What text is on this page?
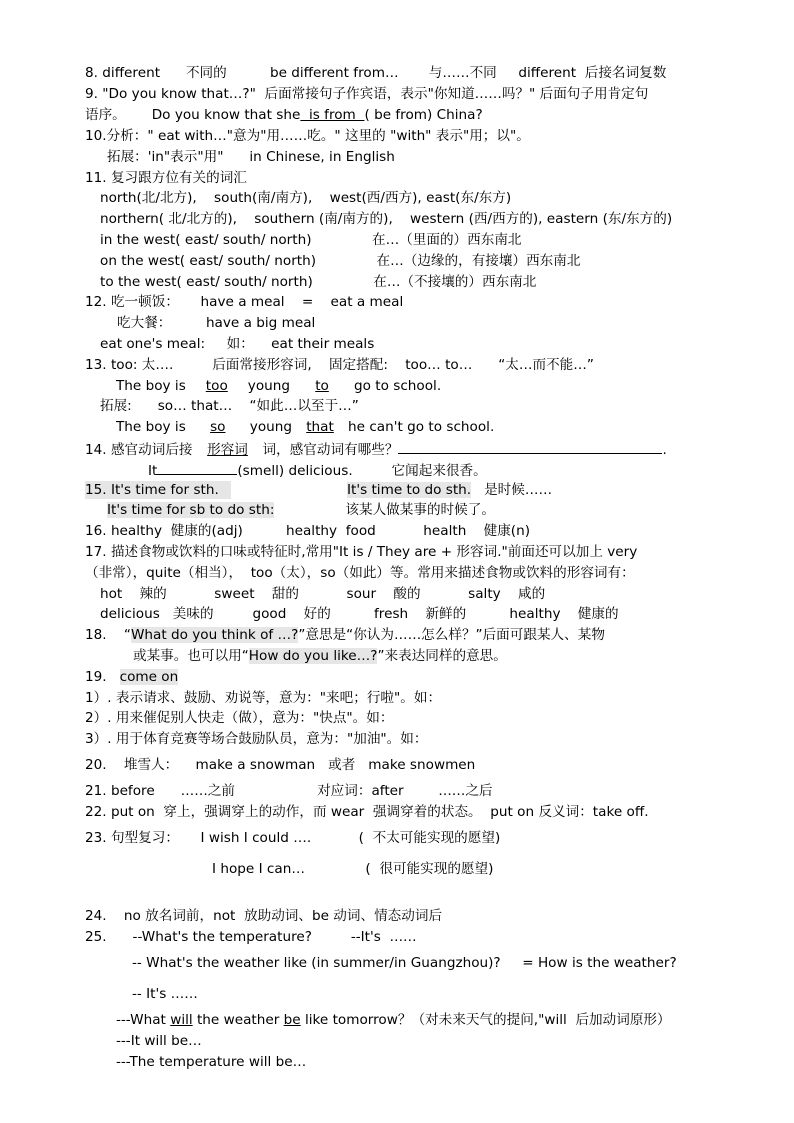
8. different      不同的          be different from…       与……不同     different  后接名词复数
9. "Do you know that…?"  后面常接句子作宾语，表示"你知道……吗？" 后面句子用肯定句
语序。      Do you know that she  is from  ( be from) China?
10.分析：" eat with…"意为"用……吃。" 这里的 "with" 表示"用；以"。
拓展：'in"表示"用"      in Chinese, in English
11. 复习跟方位有关的词汇
north(北/北方),    south(南/南方),    west(西/西方), east(东/东方)
northern( 北/北方的),    southern (南/南方的),    western (西/西方的), eastern (东/东方的)
in the west( east/ south/ north)              在…（里面的）西东南北
on the west( east/ south/ north)              在…（边缘的，有接壤）西东南北
to the west( east/ south/ north)              在…（不接壤的）西东南北
12. 吃一顿饭：     have a meal    =    eat a meal
吃大餐：        have a big meal
eat one's meal:     如：    eat their meals
13. too: 太….         后面常接形容词,    固定搭配:    too… to…      “太…而不能…”
The boy is too young to go to school.
拓展:      so… that…    “如此…以至于…”
The boy is so young that he can't go to school.
14. 感官动词后接 形容词 词，感官动词有哪些？	.
It	(smell) delicious.         它闻起来很香。
15. It's time for sth.	It's time to do sth.   是时候……
It's time for sb to do sth:	该某人做某事的时候了。
16. healthy  健康的(adj)          healthy  food           health    健康(n)
17. 描述食物或饮料的口味或特征时,常用"It is / They are + 形容词."前面还可以加上 very
（非常），quite（相当），  too（太），so（如此）等。常用来描述食物或饮料的形容词有：
hot    辣的           sweet    甜的           sour    酸的           salty    咸的
delicious   美味的         good    好的          fresh    新鲜的          healthy    健康的
18.    “What do you think of …?”意思是“你认为……怎么样？”后面可跟某人、某物
或某事。也可以用“How do you like…?”来表达同样的意思。
19.   come on
1）. 表示请求、鼓励、劝说等，意为："来吧；行啦"。如：
2）. 用来催促别人快走（做），意为："快点"。如：
3）. 用于体育竞赛等场合鼓励队员，意为："加油"。如：
20.    堆雪人：    make a snowman   或者   make snowmen
21. before      ……之前                   对应词：after        ……之后
22. put on  穿上，强调穿上的动作，而 wear  强调穿着的状态。  put on 反义词：take off.
23. 句型复习：     I wish I could ….           (  不太可能实现的愿望)
I hope I can…              (  很可能实现的愿望)
24.    no 放名词前，not  放助动词、be 动词、情态动词后
25.      --What's the temperature?         --It's  ……
-- What's the weather like (in summer/in Guangzhou)?     = How is the weather?
-- It's ……
---What will the weather be like tomorrow？（对未来天气的提问,"will  后加动词原形）
---It will be…
---The temperature will be…
